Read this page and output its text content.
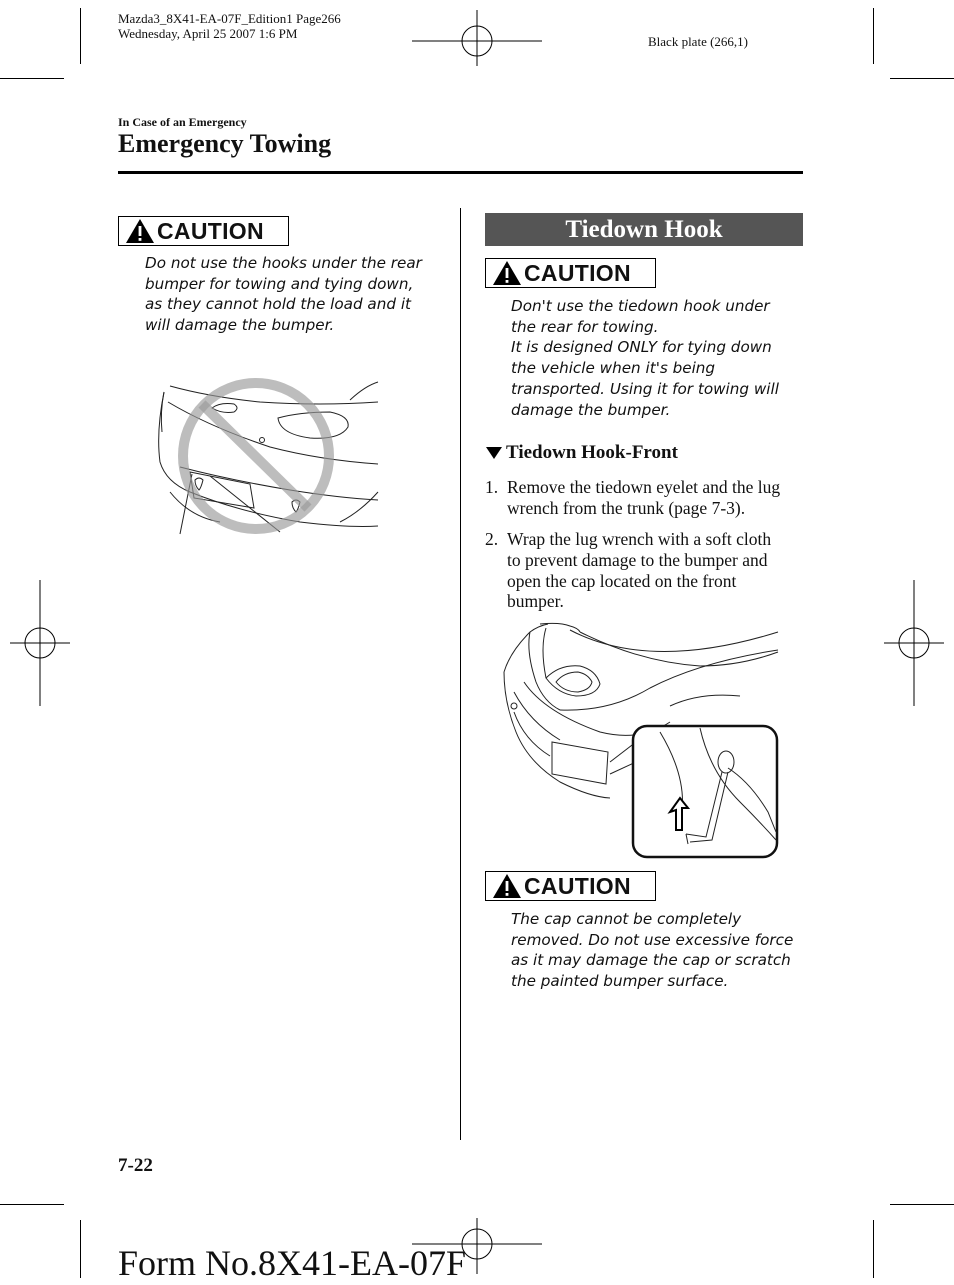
Mazda3_8X41-EA-07F_Edition1 Page266
Wednesday, April 25 2007 1:6 PM
Black plate (266,1)
In Case of an Emergency
Emergency Towing
CAUTION
Do not use the hooks under the rear
bumper for towing and tying down,
as they cannot hold the load and it
will damage the bumper.
Tiedown Hook
CAUTION
Don't use the tiedown hook under
the rear for towing.
It is designed ONLY for tying down
the vehicle when it's being
transported. Using it for towing will
damage the bumper.
Tiedown Hook-Front
1. Remove the tiedown eyelet and the lug
wrench from the trunk (page 7-3).
2. Wrap the lug wrench with a soft cloth
to prevent damage to the bumper and
open the cap located on the front
bumper.
CAUTION
The cap cannot be completely
removed. Do not use excessive force
as it may damage the cap or scratch
the painted bumper surface.
7-22
Form No.8X41-EA-07F
